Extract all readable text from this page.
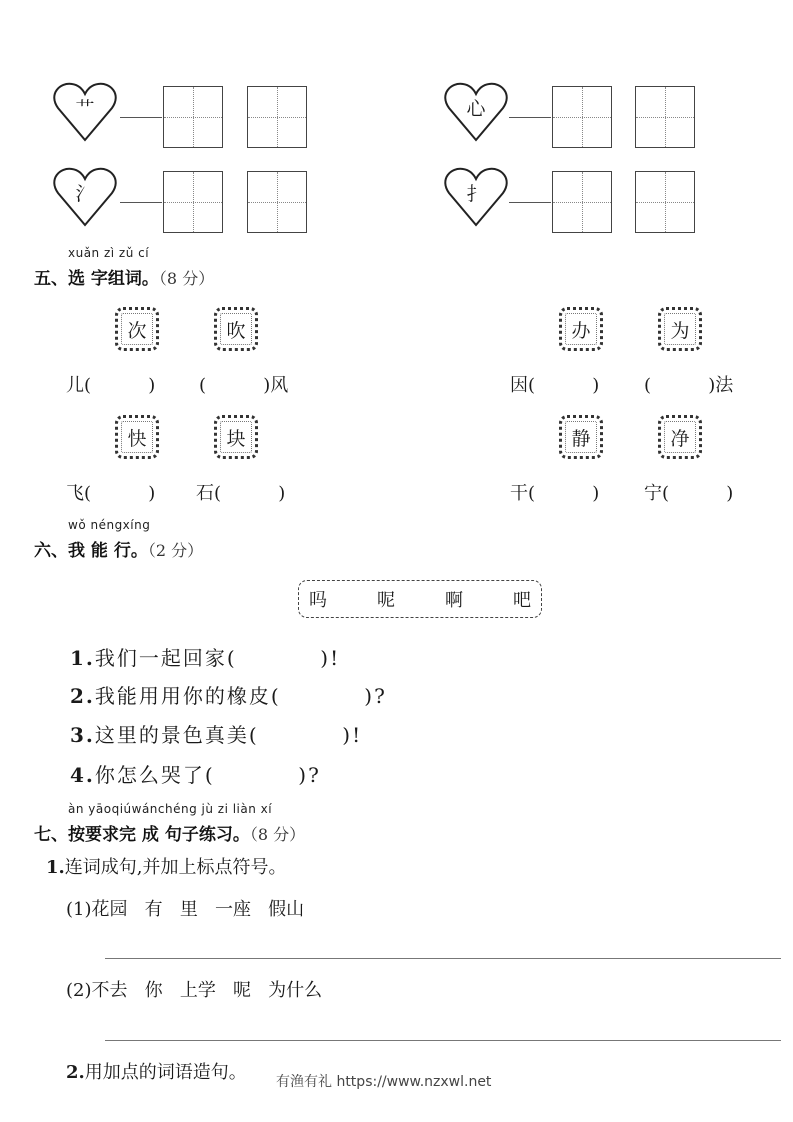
艹
氵
心
扌
xuǎn zì zǔ cí
五、选 字组词。（8 分）
次	吹
儿(          ) (          )风
办	为
因(          ) (          )法
快	块
飞(          ) 石(          )
静	净
干(          ) 宁(          )
wǒ néngxíng
六、我 能 行。（2 分）
吗	呢	啊	吧
1.我们一起回家(          )!
2.我能用用你的橡皮(          )?
3.这里的景色真美(          )!
4.你怎么哭了(          )?
àn yāoqiúwánchéng jù zi liàn xí
七、按要求完 成 句子练习。（8 分）
1.连词成句,并加上标点符号。
(1)花园   有   里   一座   假山
(2)不去   你   上学   呢   为什么
2.用加点的词语造句。 有渔有礼 https://www.nzxwl.net
